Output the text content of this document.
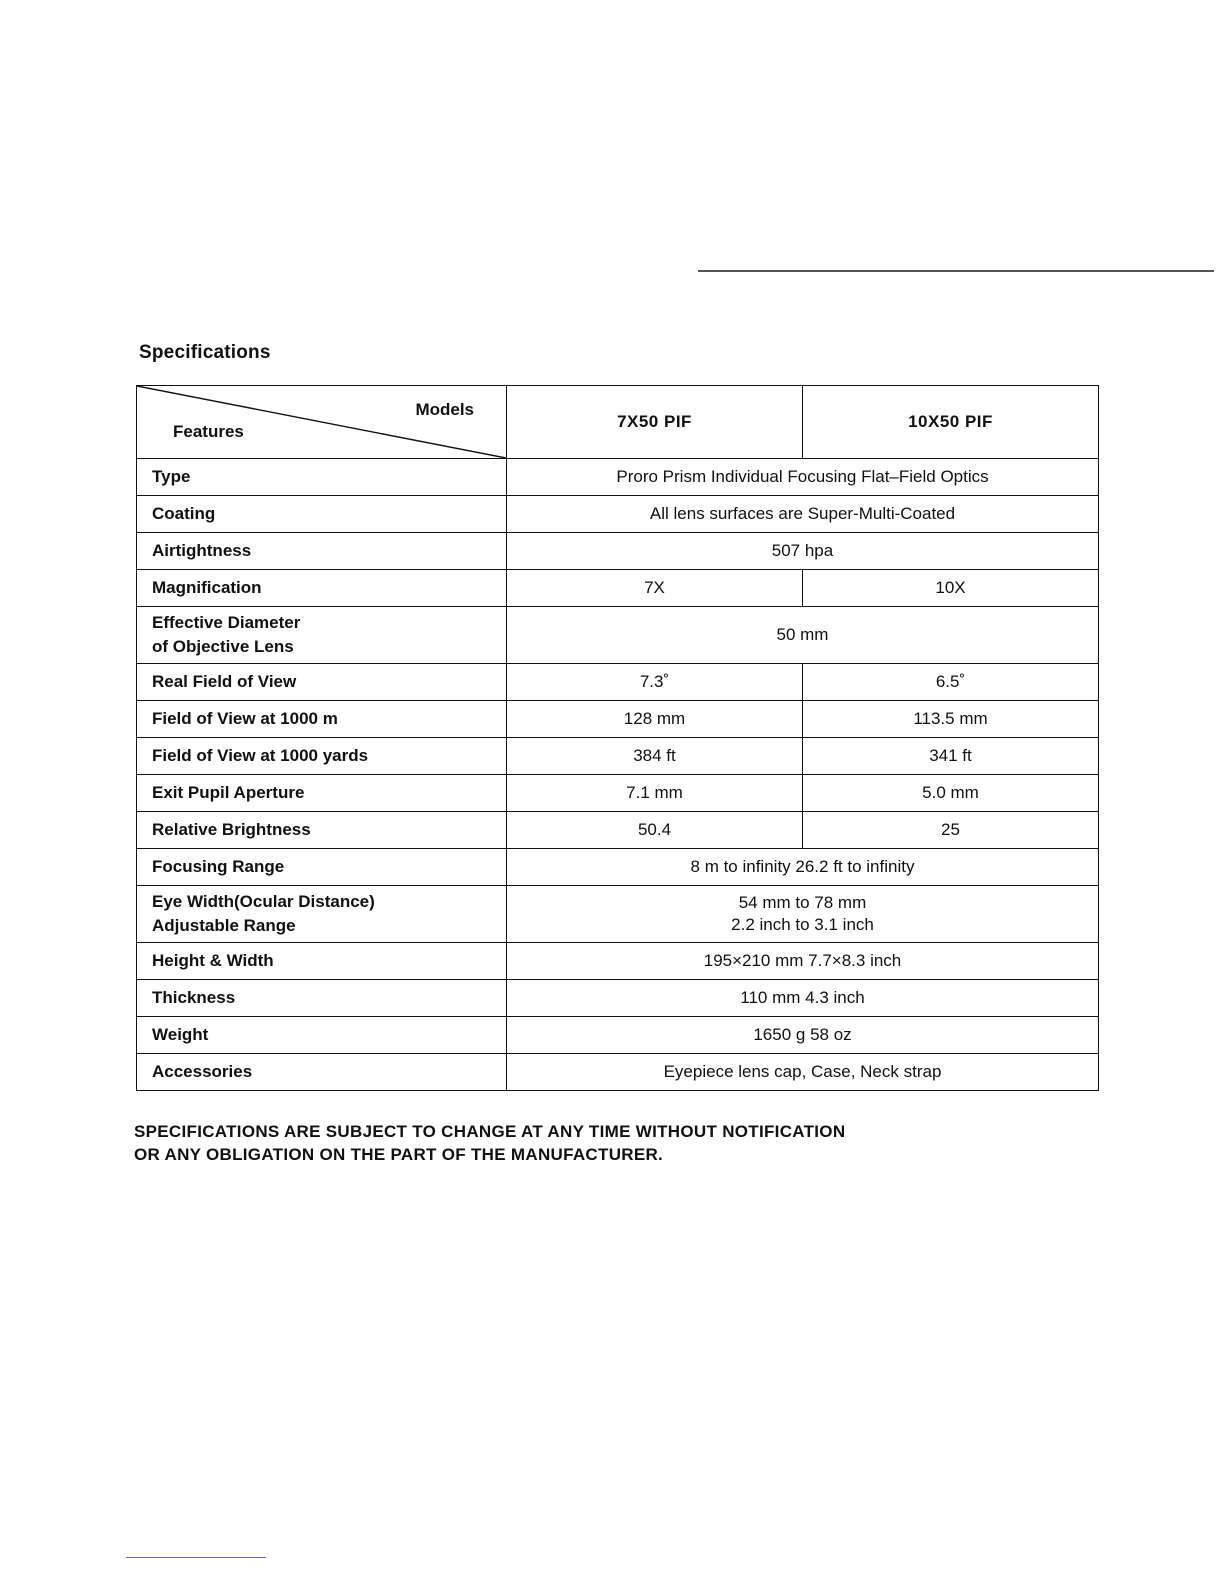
Specifications
Models
Features	7X50 PIF	10X50 PIF

Type	Proro Prism Individual Focusing Flat–Field Optics	

Coating	All lens surfaces are Super-Multi-Coated	

Airtightness	507 hpa	

Magnification	7X	10X

Effective Diameter
of Objective Lens	50 mm	

Real Field of View	7.3˚	6.5˚

Field of View at 1000 m	128 mm	113.5 mm

Field of View at 1000 yards	384 ft	341 ft

Exit Pupil Aperture	7.1 mm	5.0 mm

Relative Brightness	50.4	25

Focusing Range	8 m to infinity 26.2 ft to infinity	

Eye Width(Ocular Distance)
Adjustable Range	54 mm to 78 mm
2.2 inch to 3.1 inch	

Height & Width	195×210 mm 7.7×8.3 inch	

Thickness	110 mm 4.3 inch	

Weight	1650 g 58 oz	

Accessories	Eyepiece lens cap, Case, Neck strap	
SPECIFICATIONS ARE SUBJECT TO CHANGE AT ANY TIME WITHOUT NOTIFICATION
OR ANY OBLIGATION ON THE PART OF THE MANUFACTURER.
